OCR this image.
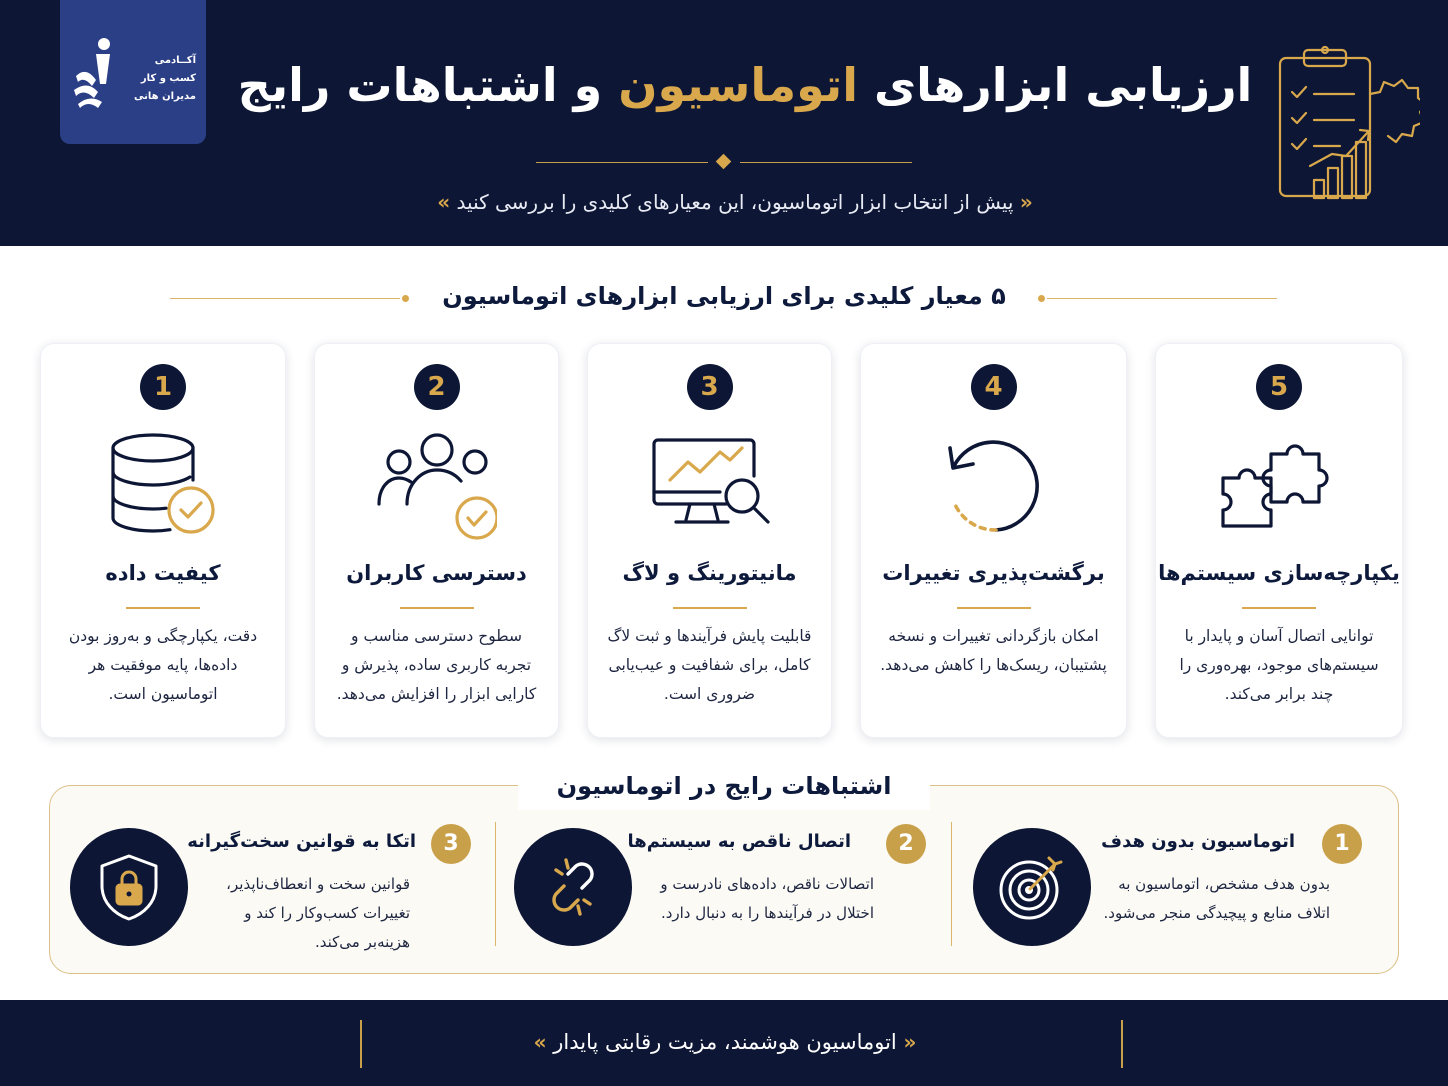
آکــادمی
کسب و کار
مدیران هانی	ارزیابی ابزارهای اتوماسیون و اشتباهات رایج
« پیش از انتخاب ابزار اتوماسیون، این معیارهای کلیدی را بررسی کنید »
۵ معیار کلیدی برای ارزیابی ابزارهای اتوماسیون
1
کیفیت داده
دقت، یکپارچگی و به‌روز بودن داده‌ها، پایه موفقیت هر اتوماسیون است.
2
دسترسی کاربران
سطوح دسترسی مناسب و تجربه کاربری ساده، پذیرش و کارایی ابزار را افزایش می‌دهد.
3
مانیتورینگ و لاگ
قابلیت پایش فرآیندها و ثبت لاگ کامل، برای شفافیت و عیب‌یابی ضروری است.
4
برگشت‌پذیری تغییرات
امکان بازگردانی تغییرات و نسخه پشتیبان، ریسک‌ها را کاهش می‌دهد.
5
یکپارچه‌سازی سیستم‌ها
توانایی اتصال آسان و پایدار با سیستم‌های موجود، بهره‌وری را چند برابر می‌کند.
اشتباهات رایج در اتوماسیون
1
اتوماسیون بدون هدف
بدون هدف مشخص، اتوماسیون به اتلاف منابع و پیچیدگی منجر می‌شود.
2
اتصال ناقص به سیستم‌ها
اتصالات ناقص، داده‌های نادرست و اختلال در فرآیندها را به دنبال دارد.
3
اتکا به قوانین سخت‌گیرانه
قوانین سخت و انعطاف‌ناپذیر، تغییرات کسب‌وکار را کند و هزینه‌بر می‌کند.
« اتوماسیون هوشمند، مزیت رقابتی پایدار »
